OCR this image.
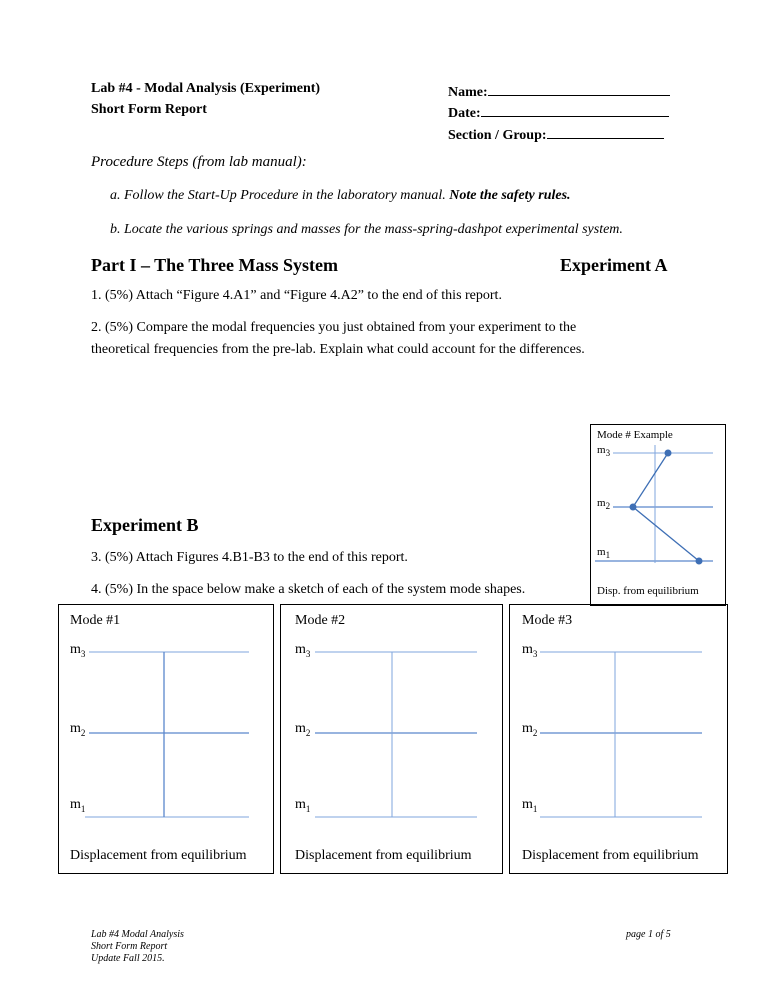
Lab #4 - Modal Analysis (Experiment)
Short Form Report
Name:
Date:
Section / Group:
Procedure Steps (from lab manual):
a. Follow the Start-Up Procedure in the laboratory manual. Note the safety rules.
b. Locate the various springs and masses for the mass-spring-dashpot experimental system.
Part I – The Three Mass System	Experiment A
1. (5%) Attach “Figure 4.A1” and “Figure 4.A2” to the end of this report.
2. (5%) Compare the modal frequencies you just obtained from your experiment to the
theoretical frequencies from the pre-lab. Explain what could account for the differences.
Mode # Example
$m_3$
$m_2$
$m_1$
Disp. from equilibrium
Experiment B
3. (5%) Attach Figures 4.B1-B3 to the end of this report.
4. (5%) In the space below make a sketch of each of the system mode shapes.
Mode #1
$m_3$
$m_2$
$m_1$
Displacement from equilibrium
Mode #2
$m_3$
$m_2$
$m_1$
Displacement from equilibrium
Mode #3
$m_3$
$m_2$
$m_1$
Displacement from equilibrium
Lab #4 Modal Analysis
Short Form Report
Update Fall 2015.
page 1 of 5
